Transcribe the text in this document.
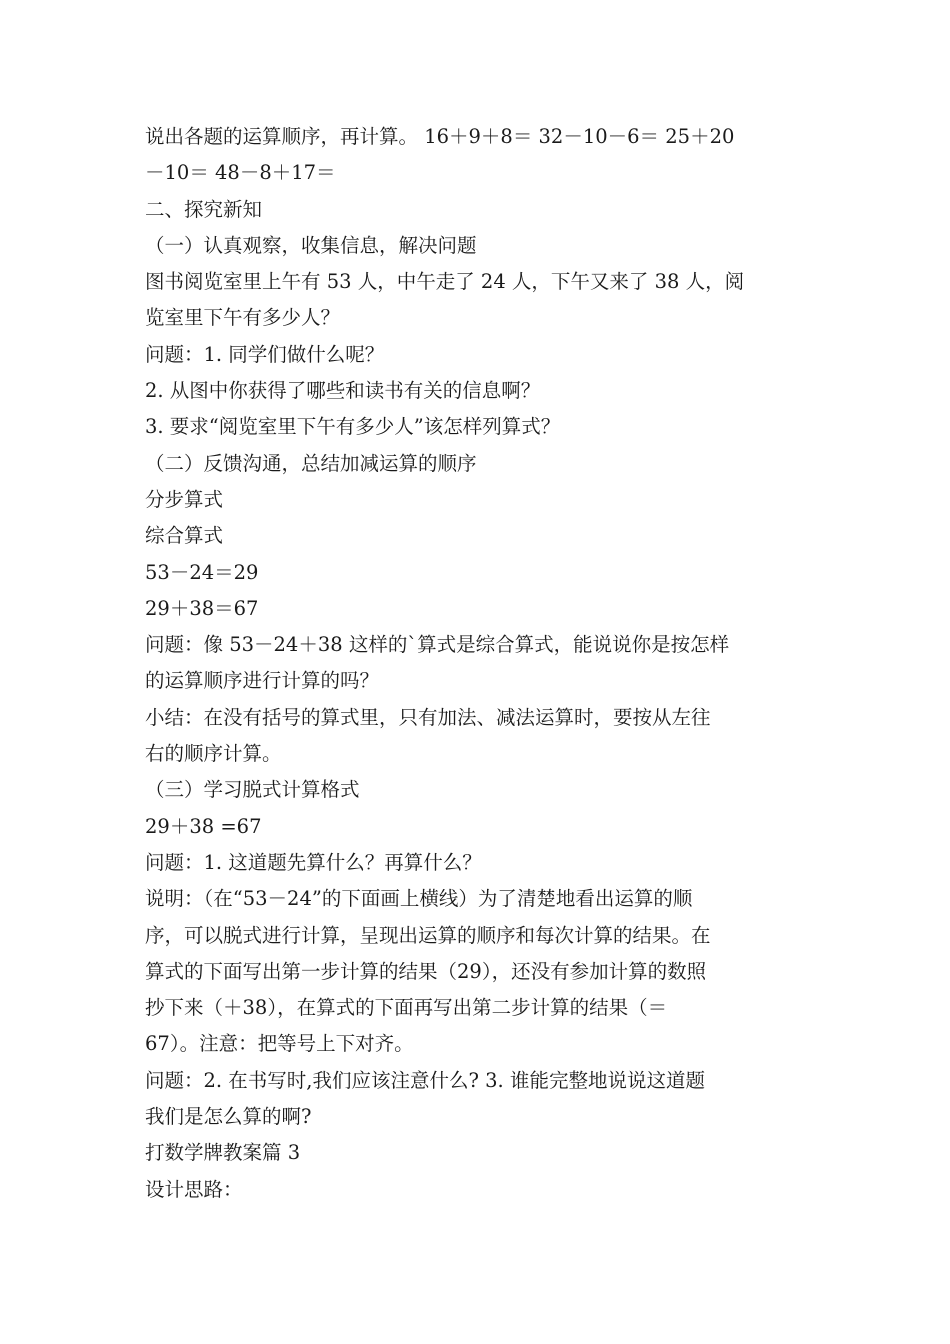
说出各题的运算顺序，再计算。 16＋9＋8＝ 32－10－6＝ 25＋20
－10＝ 48－8＋17＝
二、探究新知
（一）认真观察，收集信息，解决问题
图书阅览室里上午有 53 人，中午走了 24 人，下午又来了 38 人，阅
览室里下午有多少人？
问题：1. 同学们做什么呢？
2. 从图中你获得了哪些和读书有关的信息啊？
3. 要求“阅览室里下午有多少人”该怎样列算式？
（二）反馈沟通，总结加减运算的顺序
分步算式
综合算式
53－24＝29
29＋38＝67
问题：像 53－24＋38 这样的`算式是综合算式，能说说你是按怎样
的运算顺序进行计算的吗？
小结：在没有括号的算式里，只有加法、减法运算时，要按从左往
右的顺序计算。
（三）学习脱式计算格式
29＋38 =67
问题：1. 这道题先算什么？再算什么？
说明：（在“53－24”的下面画上横线）为了清楚地看出运算的顺
序，可以脱式进行计算，呈现出运算的顺序和每次计算的结果。在
算式的下面写出第一步计算的结果（29），还没有参加计算的数照
抄下来（＋38），在算式的下面再写出第二步计算的结果（＝
67）。注意：把等号上下对齐。
问题：2. 在书写时,我们应该注意什么? 3. 谁能完整地说说这道题
我们是怎么算的啊?
打数学牌教案篇 3
设计思路：
